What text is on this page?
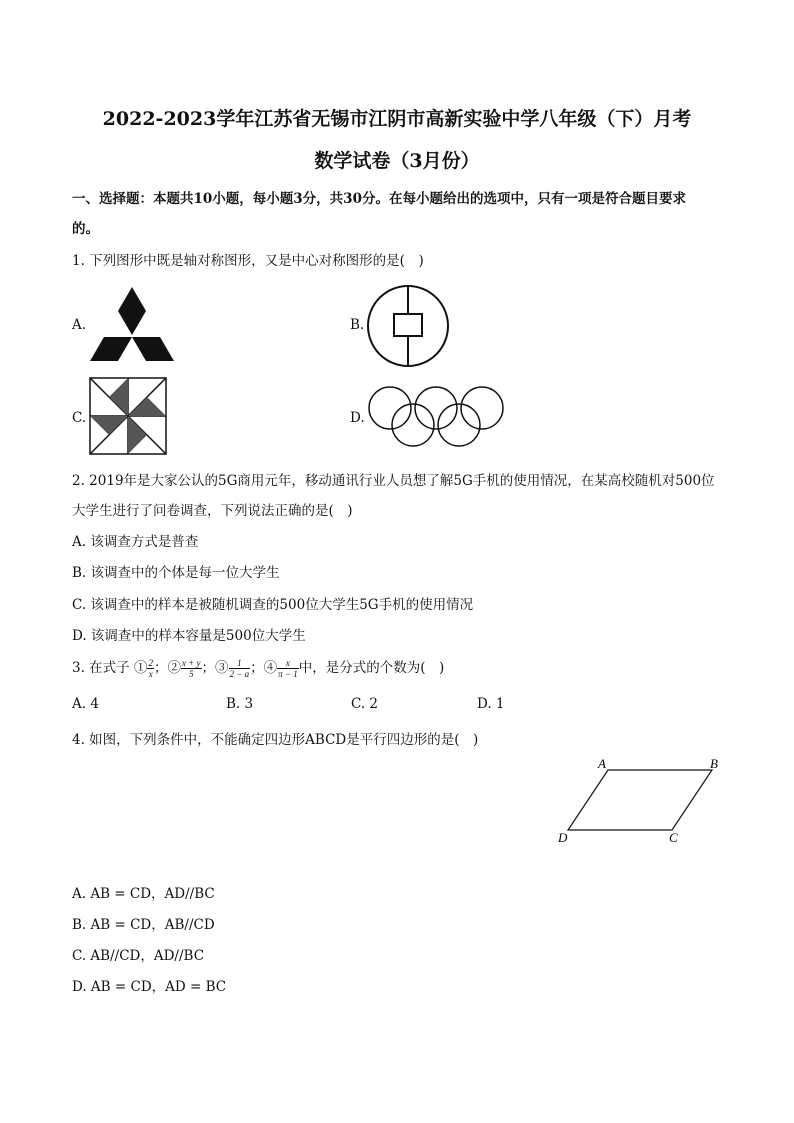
2022-2023学年江苏省无锡市江阴市高新实验中学八年级（下）月考
数学试卷（3月份）
一、选择题：本题共10小题，每小题3分，共30分。在每小题给出的选项中，只有一项是符合题目要求
的。
1. 下列图形中既是轴对称图形，又是中心对称图形的是(　)
A.	B.
C.	D.
2. 2019年是大家公认的5G商用元年，移动通讯行业人员想了解5G手机的使用情况，在某高校随机对500位
大学生进行了问卷调查，下列说法正确的是(　)
A. 该调查方式是普查
B. 该调查中的个体是每一位大学生
C. 该调查中的样本是被随机调查的500位大学生5G手机的使用情况
D. 该调查中的样本容量是500位大学生
3. 在式子 ① $\frac{2}{x}$ ；② $\frac{x + y}{5}$ ；③ $\frac{1}{2 - a}$ ；④ $\frac{x}{\pi - 1}$ 中，是分式的个数为(　)
A. 4	B. 3	C. 2	D. 1
4. 如图，下列条件中，不能确定四边形ABCD是平行四边形的是(　)
A	B
C
D
A. AB = CD，AD//BC
B. AB = CD，AB//CD
C. AB//CD，AD//BC
D. AB = CD，AD = BC
